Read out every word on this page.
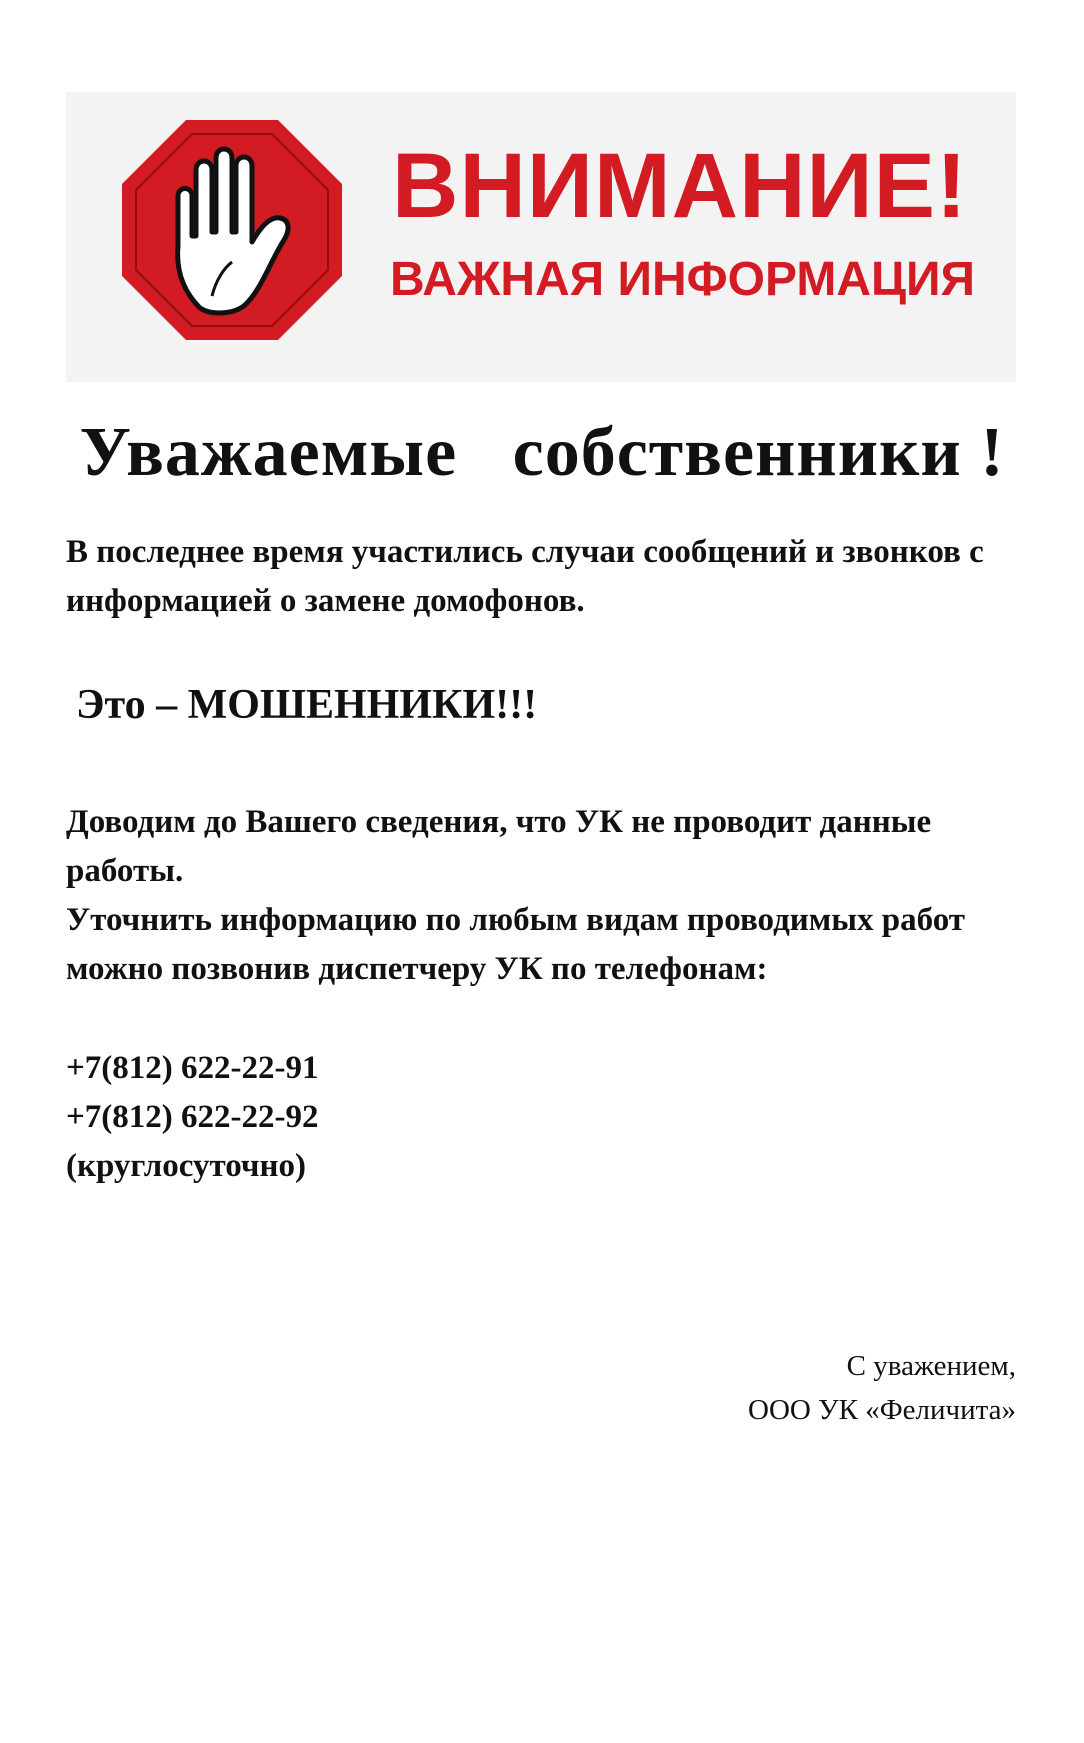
ВНИМАНИЕ!
ВАЖНАЯ ИНФОРМАЦИЯ
Уважаемые   собственники !
В последнее время участились случаи сообщений и звонков с информацией о замене домофонов.
Это – МОШЕННИКИ!!!
Доводим до Вашего сведения, что УК не проводит данные работы.
Уточнить информацию по любым видам проводимых работ можно позвонив диспетчеру УК по телефонам:
+7(812) 622-22-91
+7(812) 622-22-92
(круглосуточно)
С уважением,
ООО УК «Феличита»
